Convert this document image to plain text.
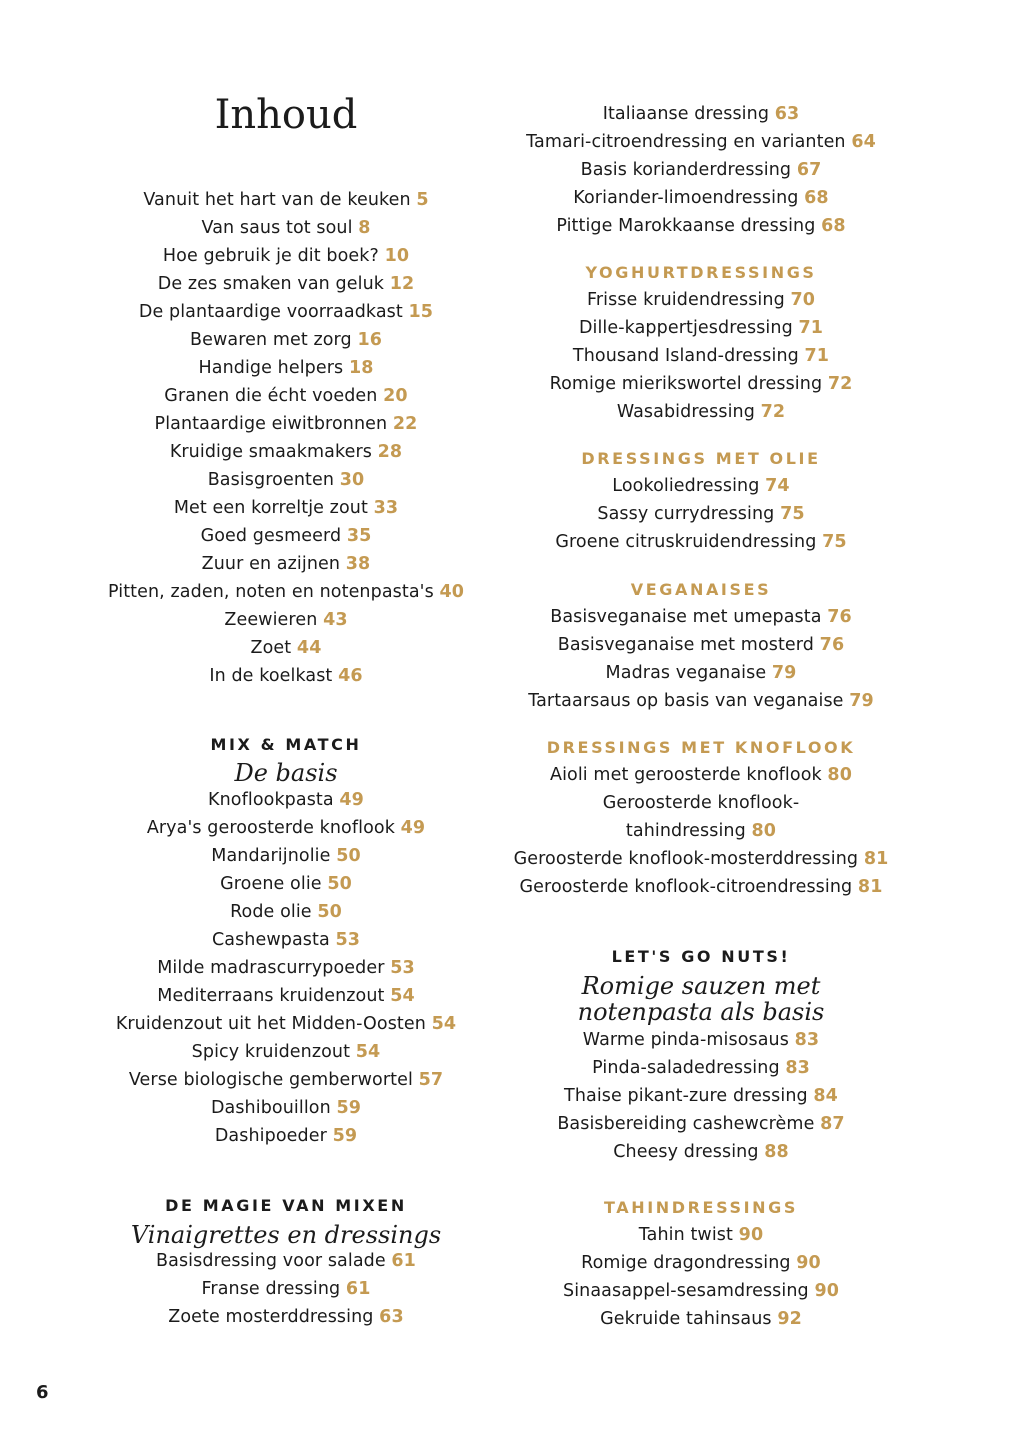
Inhoud
Vanuit het hart van de keuken 5
Van saus tot soul 8
Hoe gebruik je dit boek? 10
De zes smaken van geluk 12
De plantaardige voorraadkast 15
Bewaren met zorg 16
Handige helpers 18
Granen die écht voeden 20
Plantaardige eiwitbronnen 22
Kruidige smaakmakers 28
Basisgroenten 30
Met een korreltje zout 33
Goed gesmeerd 35
Zuur en azijnen 38
Pitten, zaden, noten en notenpasta's 40
Zeewieren 43
Zoet 44
In de koelkast 46
MIX & MATCH
De basis
Knoflookpasta 49
Arya's geroosterde knoflook 49
Mandarijnolie 50
Groene olie 50
Rode olie 50
Cashewpasta 53
Milde madrascurrypoeder 53
Mediterraans kruidenzout 54
Kruidenzout uit het Midden-Oosten 54
Spicy kruidenzout 54
Verse biologische gemberwortel 57
Dashibouillon 59
Dashipoeder 59
DE MAGIE VAN MIXEN
Vinaigrettes en dressings
Basisdressing voor salade 61
Franse dressing 61
Zoete mosterddressing 63
Italiaanse dressing 63
Tamari-citroendressing en varianten 64
Basis korianderdressing 67
Koriander-limoendressing 68
Pittige Marokkaanse dressing 68
YOGHURTDRESSINGS
Frisse kruidendressing 70
Dille-kappertjesdressing 71
Thousand Island-dressing 71
Romige mierikswortel dressing 72
Wasabidressing 72
DRESSINGS MET OLIE
Lookoliedressing 74
Sassy currydressing 75
Groene citruskruidendressing 75
VEGANAISES
Basisveganaise met umepasta 76
Basisveganaise met mosterd 76
Madras veganaise 79
Tartaarsaus op basis van veganaise 79
DRESSINGS MET KNOFLOOK
Aioli met geroosterde knoflook 80
Geroosterde knoflook-
tahindressing 80
Geroosterde knoflook-mosterddressing 81
Geroosterde knoflook-citroendressing 81
LET'S GO NUTS!
Romige sauzen met
notenpasta als basis
Warme pinda-misosaus 83
Pinda-saladedressing 83
Thaise pikant-zure dressing 84
Basisbereiding cashewcrème 87
Cheesy dressing 88
TAHINDRESSINGS
Tahin twist 90
Romige dragondressing 90
Sinaasappel-sesamdressing 90
Gekruide tahinsaus 92
6
